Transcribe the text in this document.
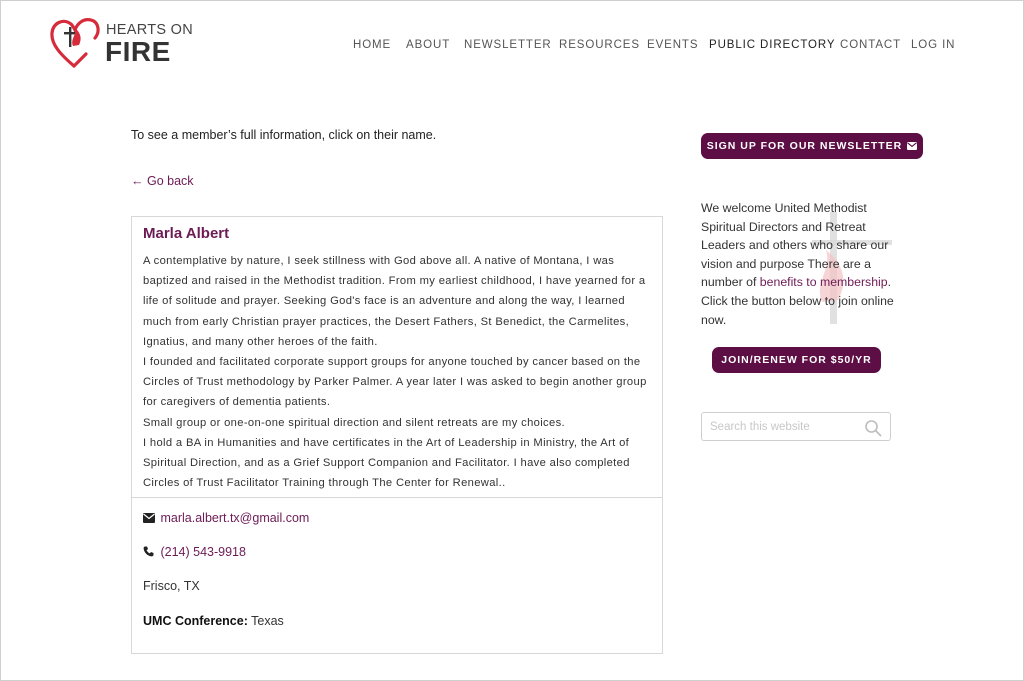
HEARTS ON
FIRE	HOME ABOUT NEWSLETTER RESOURCES EVENTS PUBLIC DIRECTORY CONTACT LOG IN

To see a member’s full information, click on their name.

← Go back
Marla Albert

A contemplative by nature, I seek stillness with God above all. A native of Montana, I was baptized and raised in the Methodist tradition. From my earliest childhood, I have yearned for a life of solitude and prayer. Seeking God's face is an adventure and along the way, I learned much from early Christian prayer practices, the Desert Fathers, St Benedict, the Carmelites, Ignatius, and many other heroes of the faith.

I founded and facilitated corporate support groups for anyone touched by cancer based on the Circles of Trust methodology by Parker Palmer. A year later I was asked to begin another group for caregivers of dementia patients.

Small group or one-on-one spiritual direction and silent retreats are my choices.

I hold a BA in Humanities and have certificates in the Art of Leadership in Ministry, the Art of Spiritual Direction, and as a Grief Support Companion and Facilitator. I have also completed Circles of Trust Facilitator Training through The Center for Renewal..

marla.albert.tx@gmail.com
(214) 543-9918
Frisco, TX
UMC Conference: Texas
SIGN UP FOR OUR NEWSLETTER

We welcome United Methodist Spiritual Directors and Retreat Leaders and others who share our vision and purpose There are a number of benefits to membership. Click the button below to join online now.

JOIN/RENEW FOR $50/YR
Search this website
